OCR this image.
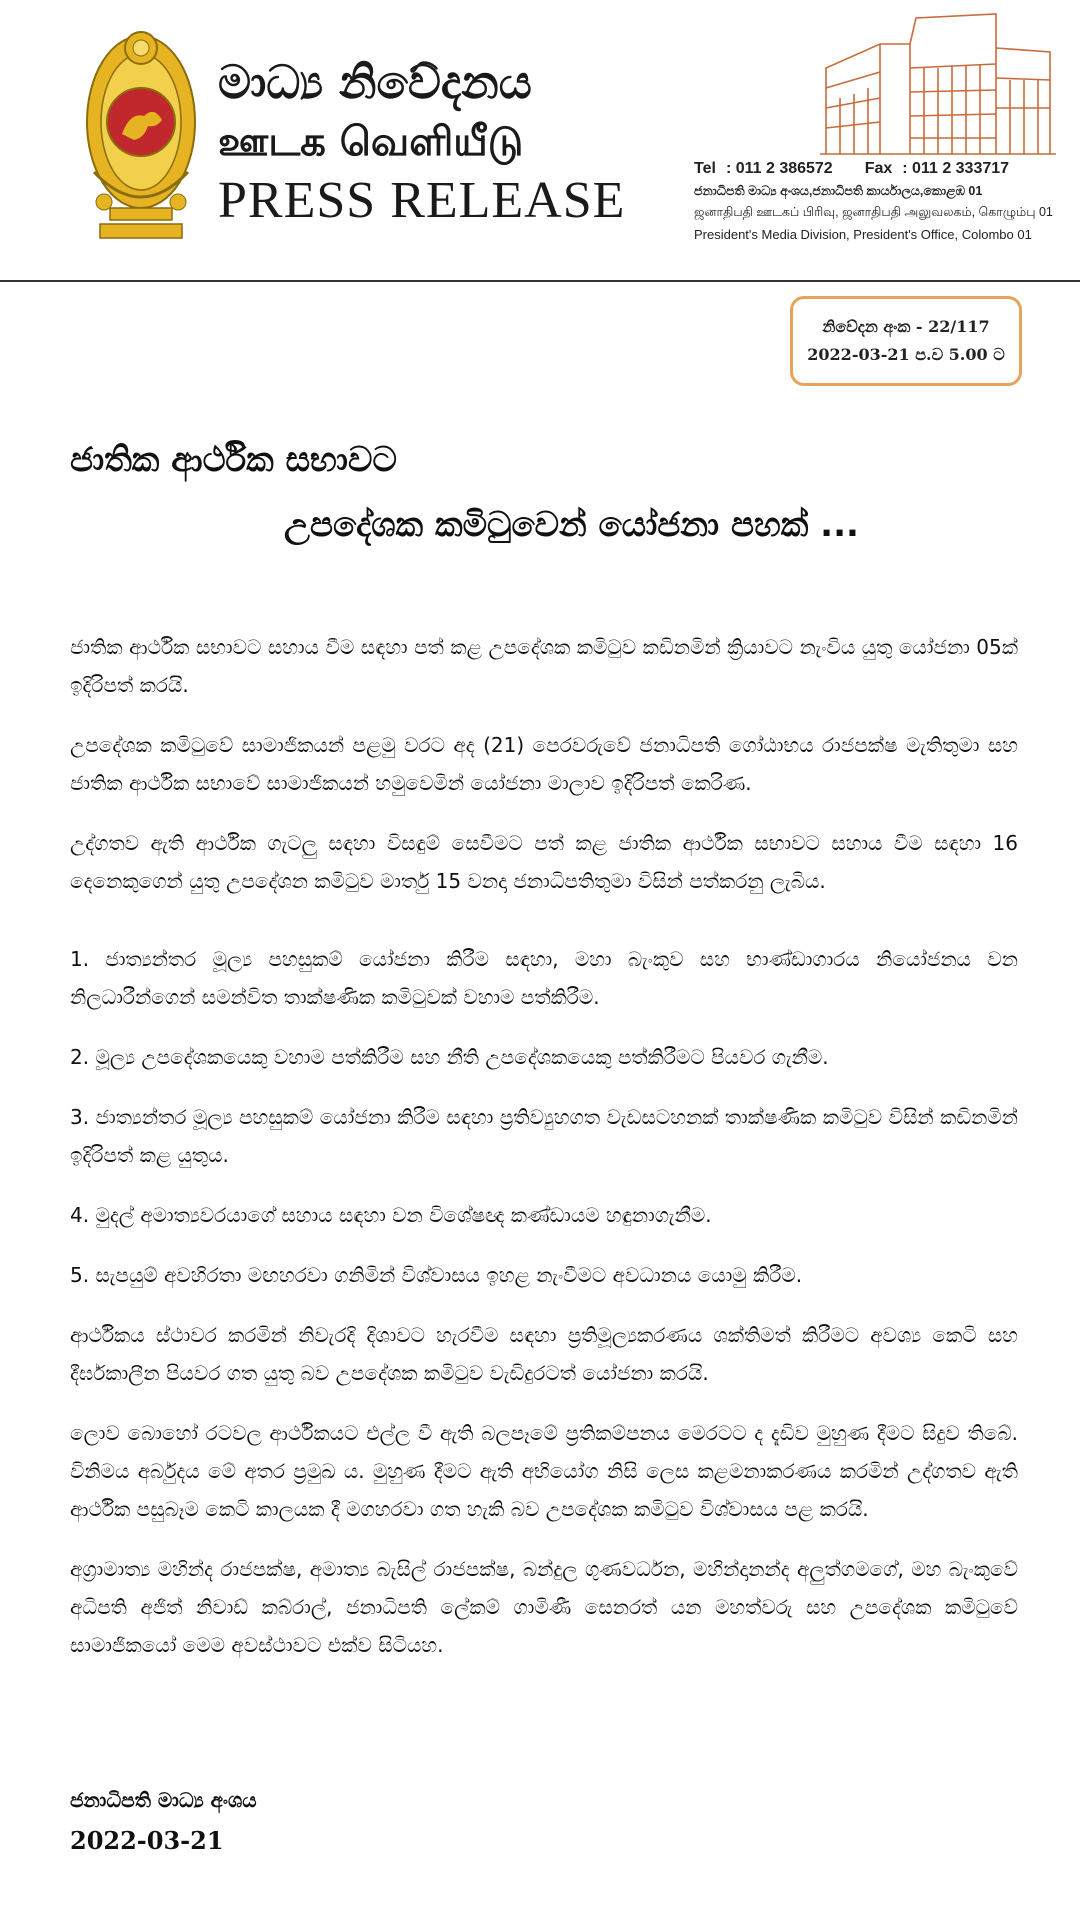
මාධ්‍ය නිවේදනය
ஊடக வெளியீடு
PRESS RELEASE
Tel : 011 2 386572 Fax : 011 2 333717
ජනාධිපති මාධ්‍ය අංශය,ජනාධිපති කාර්යාලය,කොළඹ 01
ஜனாதிபதி ஊடகப் பிரிவு, ஜனாதிபதி அலுவலகம், கொழும்பு 01
President's Media Division, President's Office, Colombo 01
නිවේදන අංක - 22/117
2022-03-21 ප.ව 5.00 ට
ජාතික ආර්ථික සභාවට
උපදේශක කමිටුවෙන් යෝජනා පහක් ...

ජාතික ආර්ථික සභාවට සහාය වීම සඳහා පත් කළ උපදේශක කමිටුව කඩිනමින් ක්‍රියාවට නැංවිය යුතු යෝජනා 05ක් ඉදිරිපත් කරයි.

උපදේශක කමිටුවේ සාමාජිකයන් පළමු වරට අද (21) පෙරවරුවේ ජනාධිපති ගෝඨාභය රාජපක්ෂ මැතිතුමා සහ ජාතික ආර්ථික සභාවේ සාමාජිකයන් හමුවෙමින් යෝජනා මාලාව ඉදිරිපත් කෙරිණ.

උද්ගතව ඇති ආර්ථික ගැටලු සඳහා විසඳුම් සෙවීමට පත් කළ ජාතික ආර්ථික සභාවට සහාය වීම සඳහා 16 දෙනෙකුගෙන් යුතු උපදේශන කමිටුව මාර්තු 15 වනදා ජනාධිපතිතුමා විසින් පත්කරනු ලැබිය.

1. ජාත්‍යන්තර මූල්‍ය පහසුකම් යෝජනා කිරීම සඳහා, මහා බැංකුව සහ භාණ්ඩාගාරය නියෝජනය වන නිලධාරීන්ගෙන් සමන්විත තාක්ෂණික කමිටුවක් වහාම පත්කිරීම.

2. මූල්‍ය උපදේශකයෙකු වහාම පත්කිරීම සහ නීති උපදේශකයෙකු පත්කිරීමට පියවර ගැනීම.

3. ජාත්‍යන්තර මූල්‍ය පහසුකම් යෝජනා කිරීම සඳහා ප්‍රතිව්‍යුහගත වැඩසටහනක් තාක්ෂණික කමිටුව විසින් කඩිනමින් ඉදිරිපත් කළ යුතුය.

4. මුදල් අමාත්‍යවරයාගේ සහාය සඳහා වන විශේෂඥ කණ්ඩායම හඳුනාගැනීම.

5. සැපයුම් අවහිරතා මඟහරවා ගනිමින් විශ්වාසය ඉහළ නැංවීමට අවධානය යොමු කිරීම.

ආර්ථිකය ස්ථාවර කරමින් නිවැරදි දිශාවට හැරවීම සඳහා ප්‍රතිමූල්‍යකරණය ශක්තිමත් කිරීමට අවශ්‍ය කෙටි සහ දීර්ඝකාලීන පියවර ගත යුතු බව උපදේශක කමිටුව වැඩිදුරටත් යෝජනා කරයි.

ලොව බොහෝ රටවල ආර්ථිකයට එල්ල වී ඇති බලපෑමේ ප්‍රතිකම්පනය මෙරටට ද දැඩිව මුහුණ දීමට සිදුව තිබේ. විනිමය අර්බුදය මේ අතර ප්‍රමුඛ ය. මුහුණ දීමට ඇති අභියෝග නිසි ලෙස කළමනාකරණය කරමින් උද්ගතව ඇති ආර්ථික පසුබෑම කෙටි කාලයක දී මගහරවා ගත හැකි බව උපදේශක කමිටුව විශ්වාසය පළ කරයි.

අග්‍රාමාත්‍ය මහින්ද රාජපක්ෂ, අමාත්‍ය බැසිල් රාජපක්ෂ, බන්දුල ගුණවර්ධන, මහින්දානන්ද අලුත්ගමගේ, මහ බැංකුවේ අධිපති අජිත් නිවාඩ් කබ්රාල්, ජනාධිපති ලේකම් ගාමිණී සෙනරත් යන මහත්වරු සහ උපදේශක කමිටුවේ සාමාජිකයෝ මෙම අවස්ථාවට එක්ව සිටියහ.

ජනාධිපති මාධ්‍ය අංශය
2022-03-21
